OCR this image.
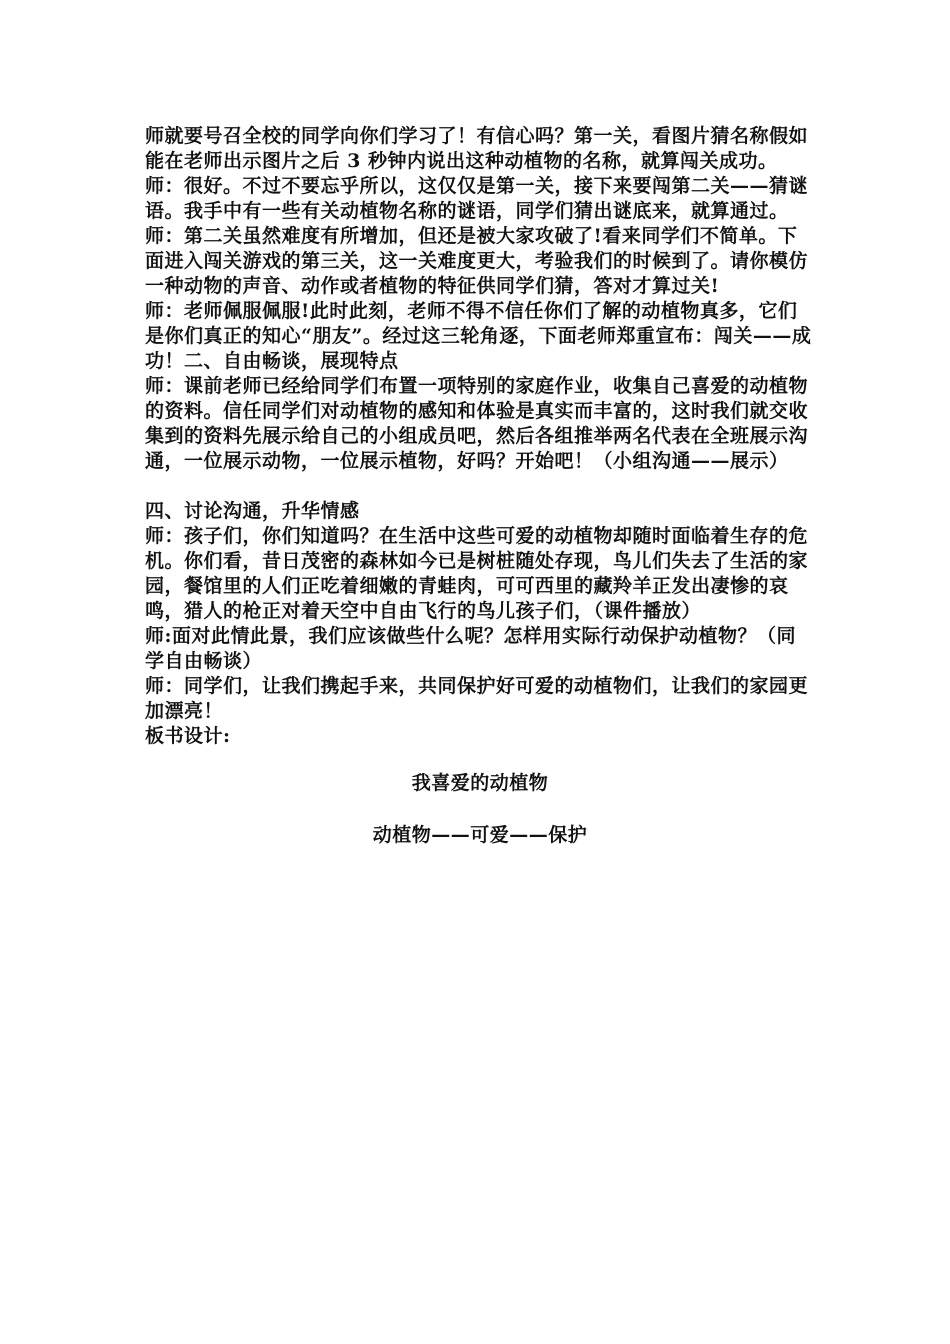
师就要号召全校的同学向你们学习了！有信心吗？第一关，看图片猜名称假如能在老师出示图片之后 3 秒钟内说出这种动植物的名称，就算闯关成功。

师：很好。不过不要忘乎所以，这仅仅是第一关，接下来要闯第二关——猜谜语。我手中有一些有关动植物名称的谜语，同学们猜出谜底来，就算通过。

师：第二关虽然难度有所增加，但还是被大家攻破了!看来同学们不简单。下面进入闯关游戏的第三关，这一关难度更大，考验我们的时候到了。请你模仿一种动物的声音、动作或者植物的特征供同学们猜，答对才算过关!

师：老师佩服佩服!此时此刻，老师不得不信任你们了解的动植物真多，它们是你们真正的知心“朋友”。经过这三轮角逐，下面老师郑重宣布：闯关——成功！二、自由畅谈，展现特点

师：课前老师已经给同学们布置一项特别的家庭作业，收集自己喜爱的动植物的资料。信任同学们对动植物的感知和体验是真实而丰富的，这时我们就交收集到的资料先展示给自己的小组成员吧，然后各组推举两名代表在全班展示沟通，一位展示动物，一位展示植物，好吗？开始吧！（小组沟通——展示）

四、讨论沟通，升华情感

师：孩子们，你们知道吗？在生活中这些可爱的动植物却随时面临着生存的危机。你们看，昔日茂密的森林如今已是树桩随处存现，鸟儿们失去了生活的家园，餐馆里的人们正吃着细嫩的青蛙肉，可可西里的藏羚羊正发出凄惨的哀鸣，猎人的枪正对着天空中自由飞行的鸟儿孩子们，（课件播放）

师:面对此情此景，我们应该做些什么呢？怎样用实际行动保护动植物？（同学自由畅谈）

师：同学们，让我们携起手来，共同保护好可爱的动植物们，让我们的家园更加漂亮！

板书设计:

我喜爱的动植物

动植物——可爱——保护
